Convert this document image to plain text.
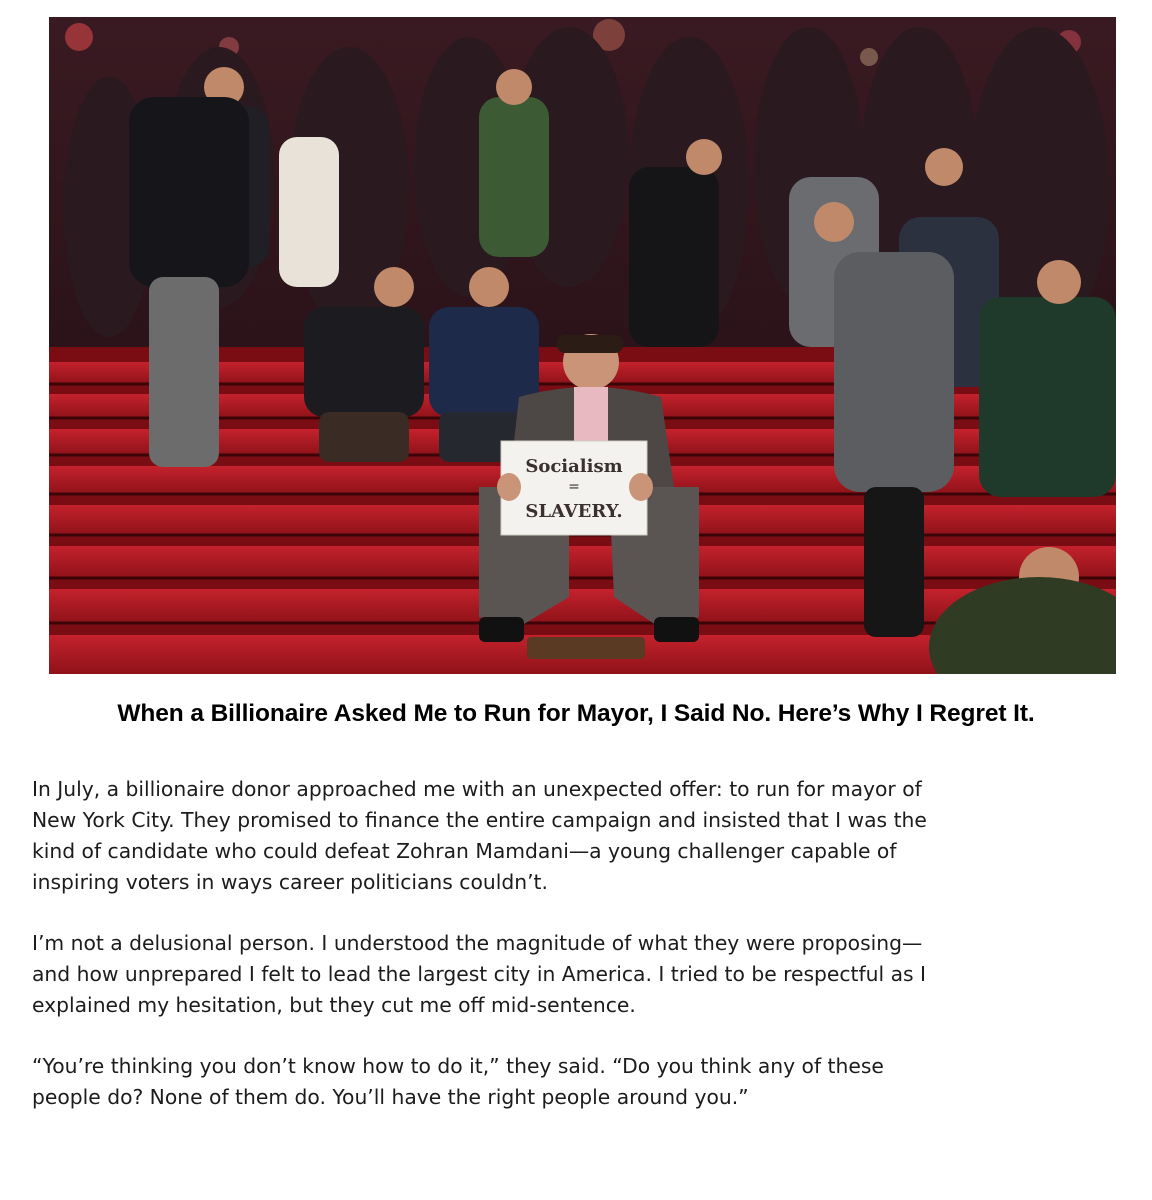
Socialism
=
SLAVERY.
When a Billionaire Asked Me to Run for Mayor, I Said No. Here’s Why I Regret It.

In July, a billionaire donor approached me with an unexpected offer: to run for mayor of
New York City. They promised to finance the entire campaign and insisted that I was the
kind of candidate who could defeat Zohran Mamdani—a young challenger capable of
inspiring voters in ways career politicians couldn’t.

I’m not a delusional person. I understood the magnitude of what they were proposing—
and how unprepared I felt to lead the largest city in America. I tried to be respectful as I
explained my hesitation, but they cut me off mid-sentence.

“You’re thinking you don’t know how to do it,” they said. “Do you think any of these
people do? None of them do. You’ll have the right people around you.”
